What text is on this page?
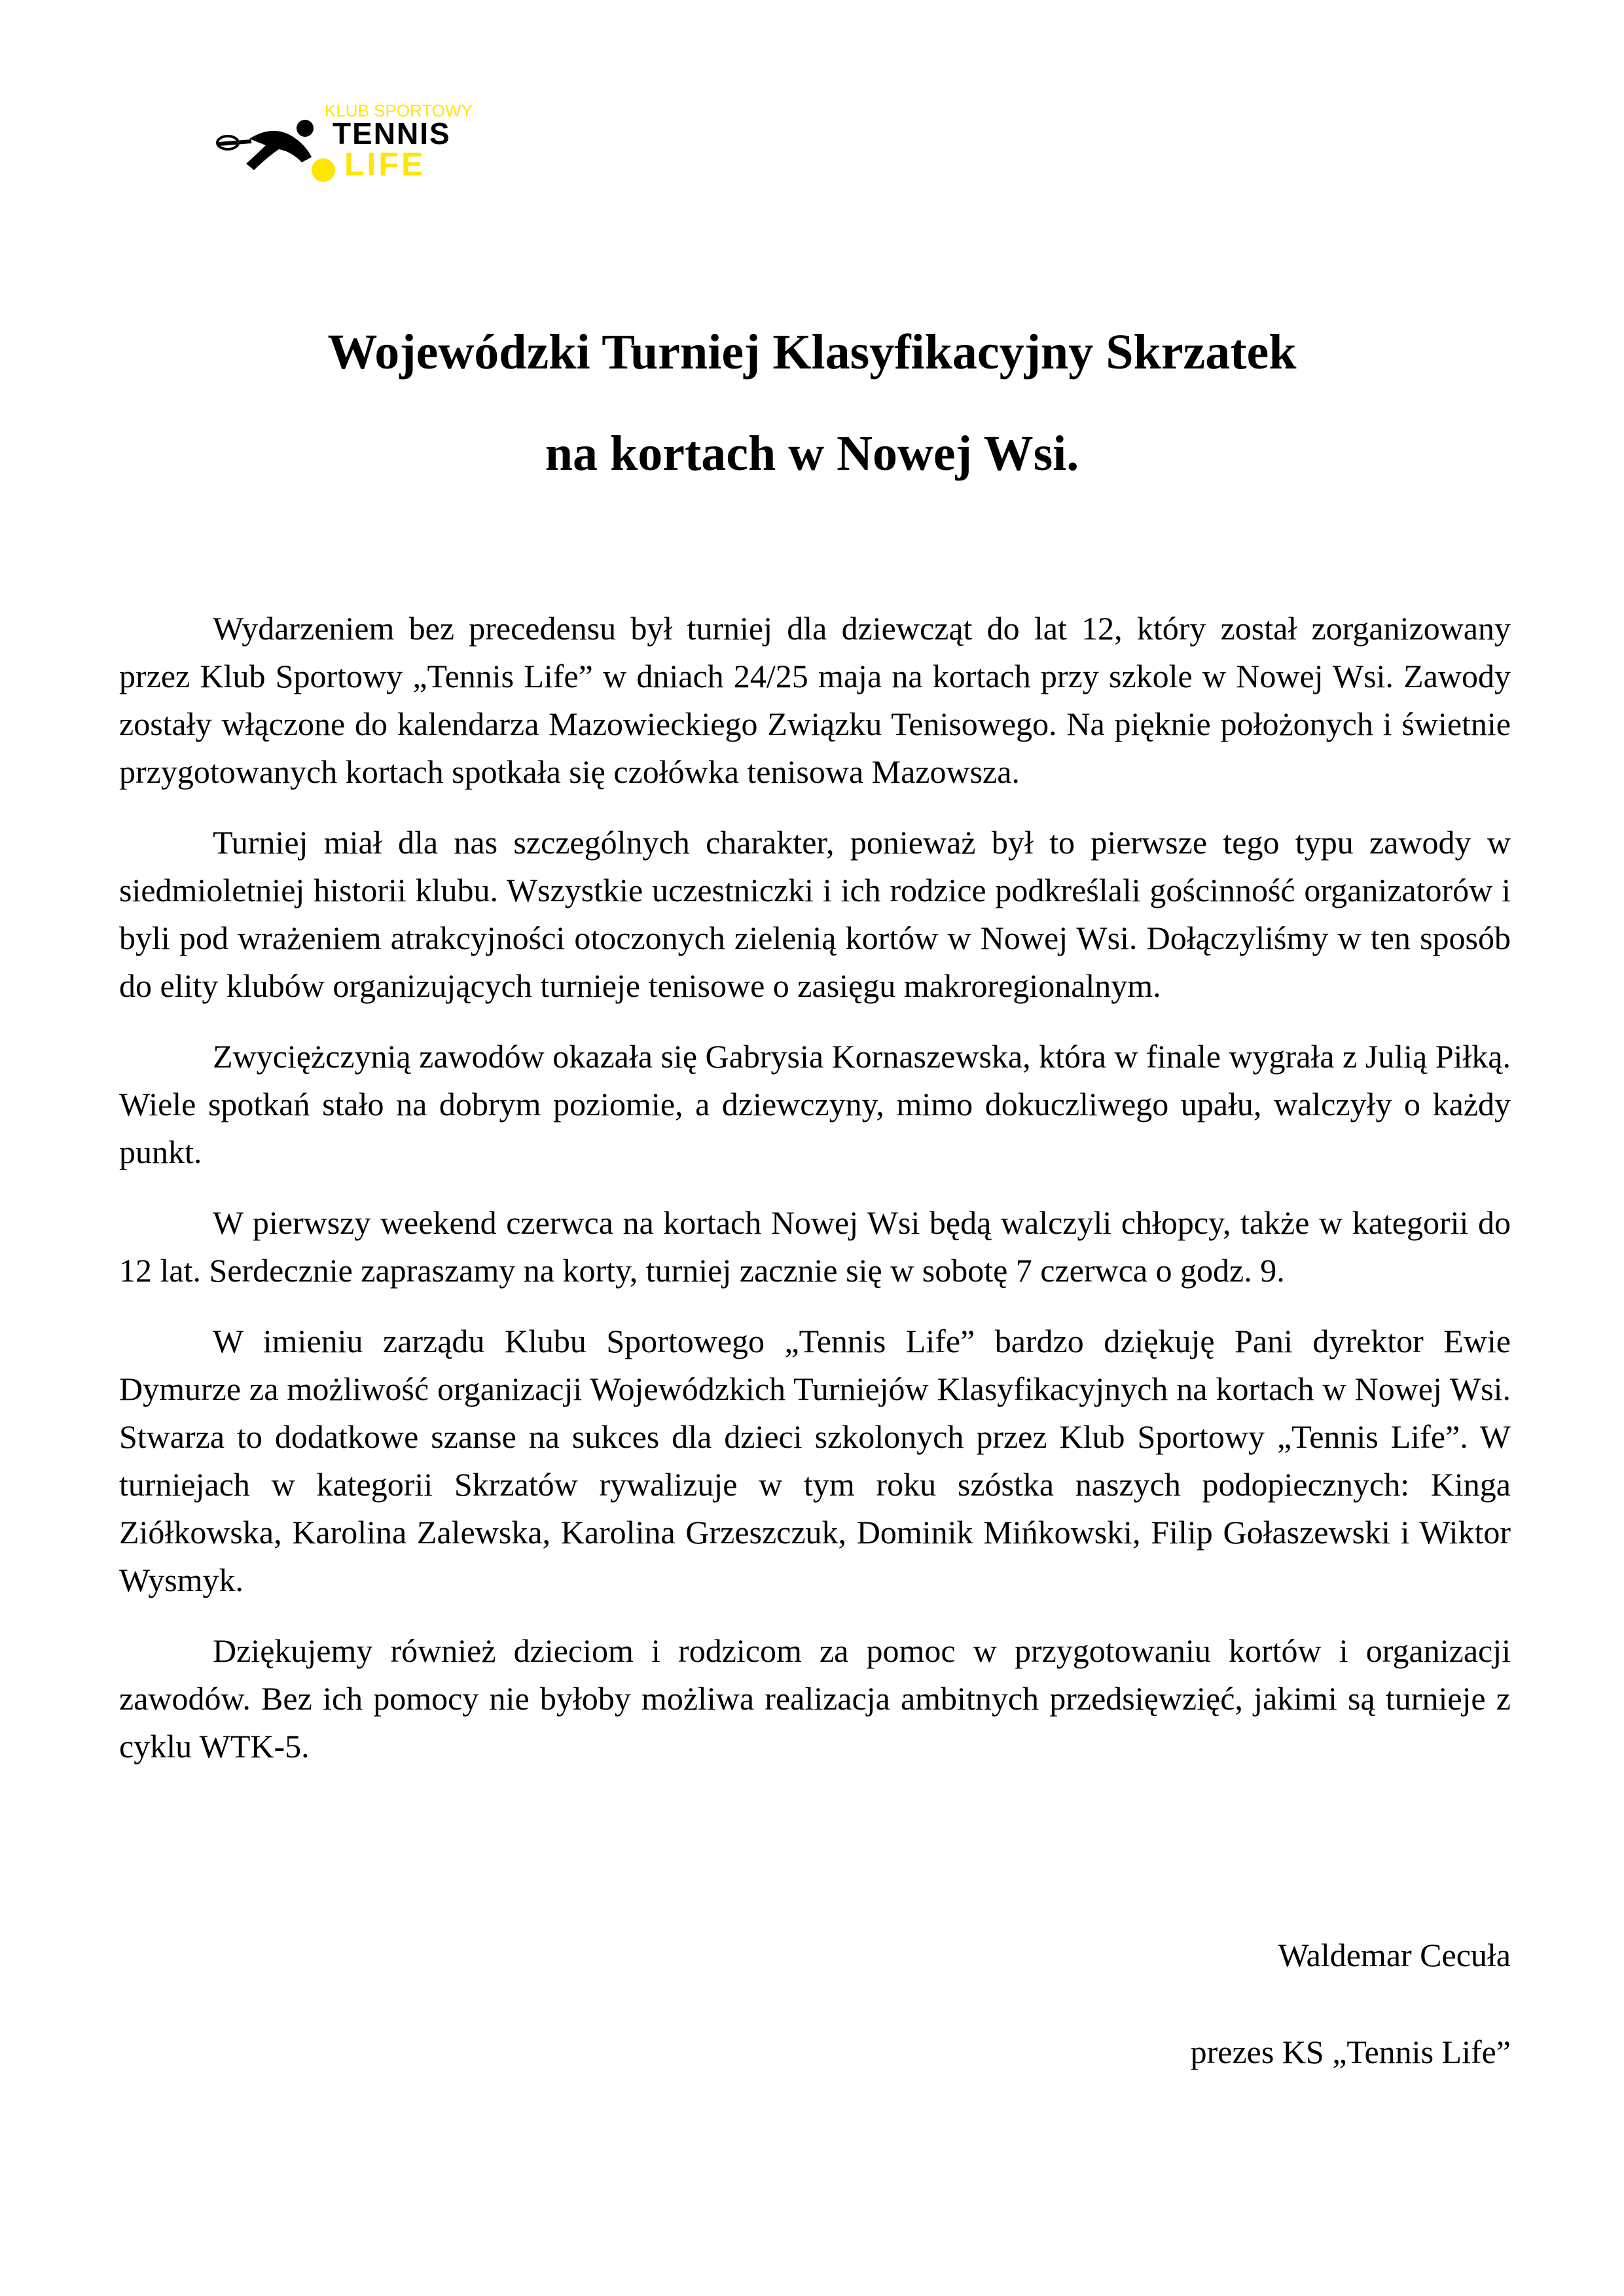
KLUB SPORTOWY
TENNIS
LIFE
Wojewódzki Turniej Klasyfikacyjny Skrzatek
na kortach w Nowej Wsi.

Wydarzeniem bez precedensu był turniej dla dziewcząt do lat 12, który został zorganizowany przez Klub Sportowy „Tennis Life” w dniach 24/25 maja na kortach przy szkole w Nowej Wsi. Zawody zostały włączone do kalendarza Mazowieckiego Związku Tenisowego. Na pięknie położonych i świetnie przygotowanych kortach spotkała się czołówka tenisowa Mazowsza.

Turniej miał dla nas szczególnych charakter, ponieważ był to pierwsze tego typu zawody w siedmioletniej historii klubu. Wszystkie uczestniczki i ich rodzice podkreślali gościnność organizatorów i byli pod wrażeniem atrakcyjności otoczonych zielenią kortów w Nowej Wsi. Dołączyliśmy w ten sposób do elity klubów organizujących turnieje tenisowe o zasięgu makroregionalnym.

Zwyciężczynią zawodów okazała się Gabrysia Kornaszewska, która w finale wygrała z Julią Piłką. Wiele spotkań stało na dobrym poziomie, a dziewczyny, mimo dokuczliwego upału, walczyły o każdy punkt.

W pierwszy weekend czerwca na kortach Nowej Wsi będą walczyli chłopcy, także w kategorii do 12 lat. Serdecznie zapraszamy na korty, turniej zacznie się w sobotę 7 czerwca o godz. 9.

W imieniu zarządu Klubu Sportowego „Tennis Life” bardzo dziękuję Pani dyrektor Ewie Dymurze za możliwość organizacji Wojewódzkich Turniejów Klasyfikacyjnych na kortach w Nowej Wsi. Stwarza to dodatkowe szanse na sukces dla dzieci szkolonych przez Klub Sportowy „Tennis Life”. W turniejach w kategorii Skrzatów rywalizuje w tym roku szóstka naszych podopiecznych: Kinga Ziółkowska, Karolina Zalewska, Karolina Grzeszczuk, Dominik Mińkowski, Filip Gołaszewski i Wiktor Wysmyk.

Dziękujemy również dzieciom i rodzicom za pomoc w przygotowaniu kortów i organizacji zawodów. Bez ich pomocy nie byłoby możliwa realizacja ambitnych przedsięwzięć, jakimi są turnieje z cyklu WTK-5.

Waldemar Cecuła
prezes KS „Tennis Life”
